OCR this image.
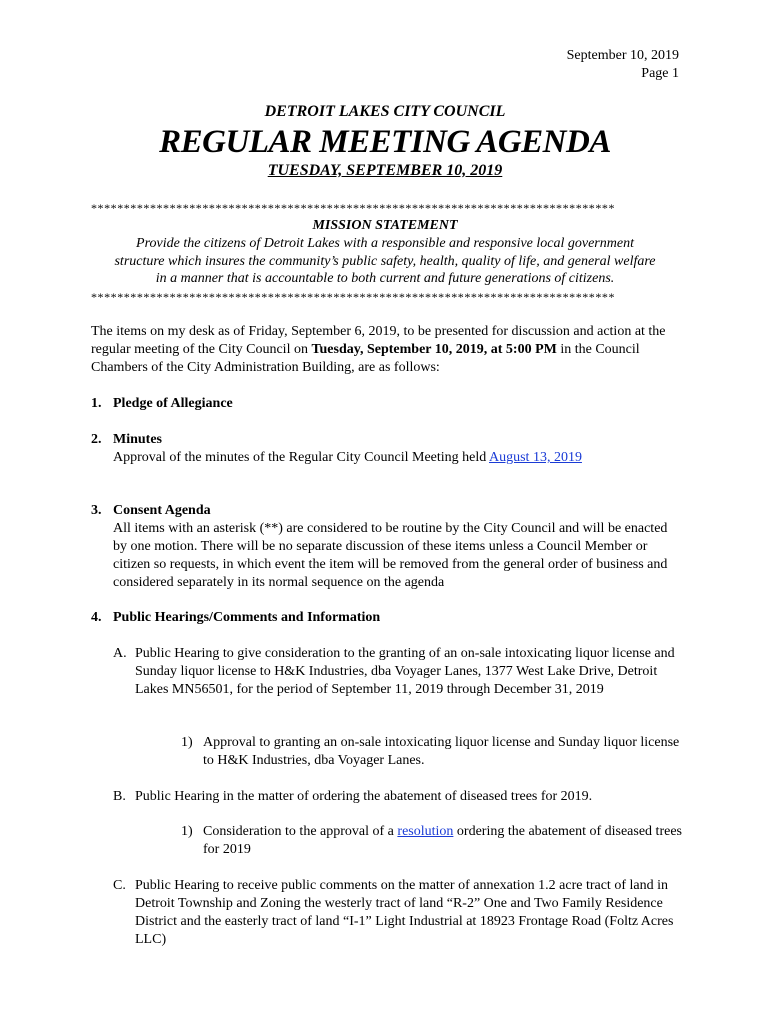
September 10, 2019
Page 1
DETROIT LAKES CITY COUNCIL
REGULAR MEETING AGENDA
TUESDAY, SEPTEMBER 10, 2019
********************************************************************************
MISSION STATEMENT
Provide the citizens of Detroit Lakes with a responsible and responsive local government
structure which insures the community’s public safety, health, quality of life, and general welfare
in a manner that is accountable to both current and future generations of citizens.
********************************************************************************
The items on my desk as of Friday, September 6, 2019, to be presented for discussion and action at the regular meeting of the City Council on Tuesday, September 10, 2019, at 5:00 PM in the Council Chambers of the City Administration Building, are as follows:
1. Pledge of Allegiance
2. Minutes
Approval of the minutes of the Regular City Council Meeting held August 13, 2019
3. Consent Agenda
All items with an asterisk (**) are considered to be routine by the City Council and will be enacted by one motion. There will be no separate discussion of these items unless a Council Member or citizen so requests, in which event the item will be removed from the general order of business and considered separately in its normal sequence on the agenda
4. Public Hearings/Comments and Information
A. Public Hearing to give consideration to the granting of an on-sale intoxicating liquor license and Sunday liquor license to H&K Industries, dba Voyager Lanes, 1377 West Lake Drive, Detroit Lakes MN56501, for the period of September 11, 2019 through December 31, 2019
1) Approval to granting an on-sale intoxicating liquor license and Sunday liquor license to H&K Industries, dba Voyager Lanes.
B. Public Hearing in the matter of ordering the abatement of diseased trees for 2019.
1) Consideration to the approval of a resolution ordering the abatement of diseased trees for 2019
C. Public Hearing to receive public comments on the matter of annexation 1.2 acre tract of land in Detroit Township and Zoning the westerly tract of land “R-2” One and Two Family Residence District and the easterly tract of land “I-1” Light Industrial at 18923 Frontage Road (Foltz Acres LLC)
